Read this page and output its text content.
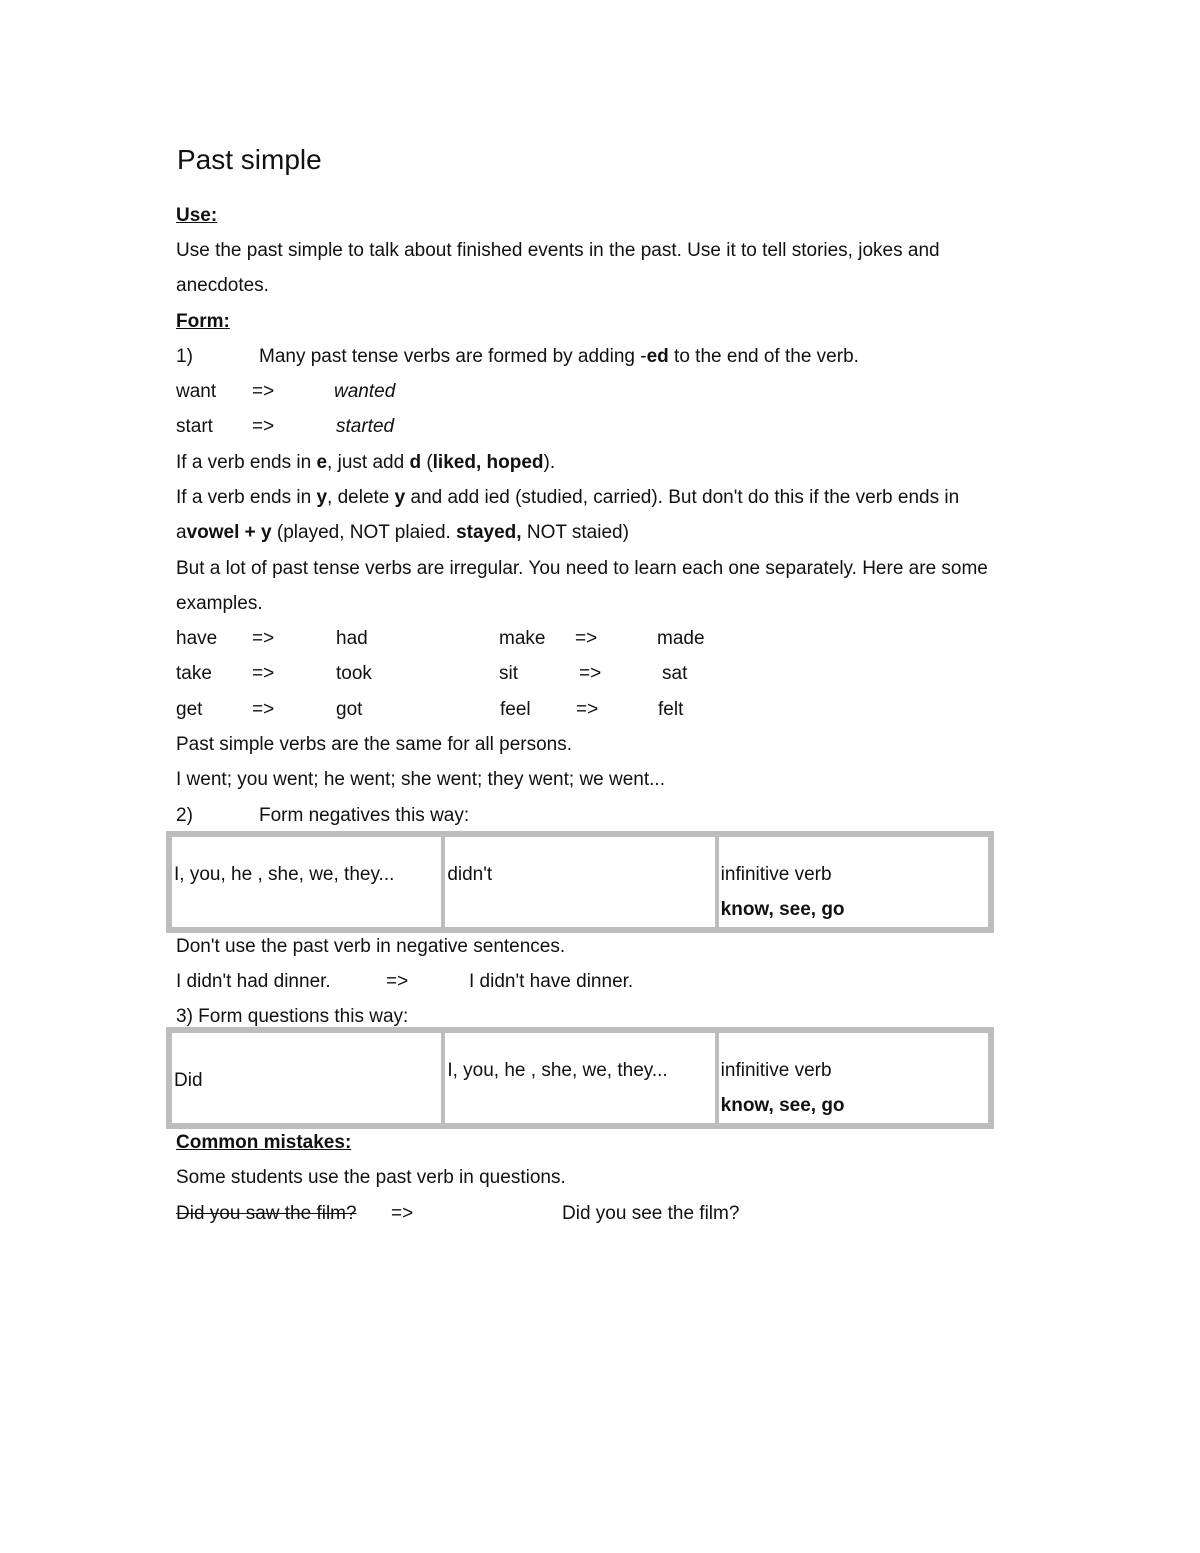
Past simple
Use:
Use the past simple to talk about finished events in the past. Use it to tell stories, jokes and
anecdotes.
Form:
1)	Many past tense verbs are formed by adding -ed to the end of the verb.
want =>	wanted
start =>	started
If a verb ends in e, just add d (liked, hoped).
If a verb ends in y, delete y and add ied (studied, carried). But don't do this if the verb ends in
avowel + y (played, NOT plaied. stayed, NOT staied)
But a lot of past tense verbs are irregular. You need to learn each one separately. Here are some
examples.
have =>	had	make =>	made
take =>	took	sit	=>	sat
get	=>	got	feel =>	felt
Past simple verbs are the same for all persons.
I went; you went; he went; she went; they went; we went...
2)	Form negatives this way:
I, you, he , she, we, they...	didn't	infinitive verb
know, see, go
Don't use the past verb in negative sentences.
I didn't had dinner.	=>	I didn't have dinner.
3) Form questions this way:
Did	I, you, he , she, we, they...	infinitive verb
know, see, go
Common mistakes:
Some students use the past verb in questions.
Did you saw the film? =>	Did you see the film?
